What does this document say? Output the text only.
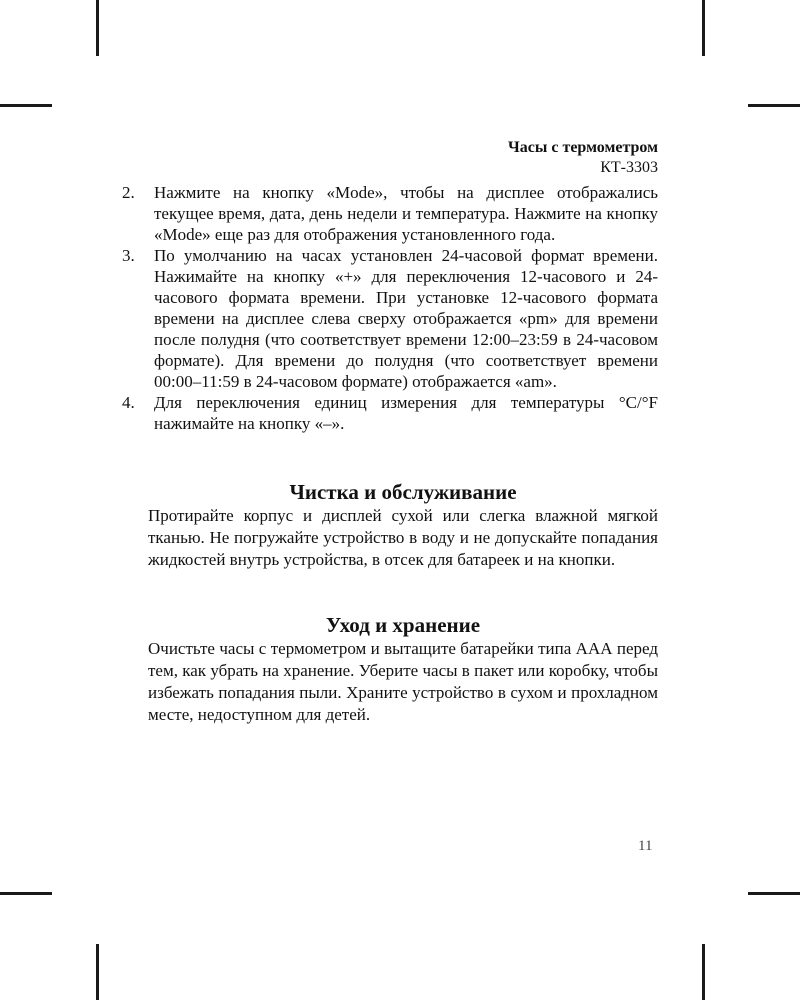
Часы с термометром
КТ-3303
2. Нажмите на кнопку «Mode», чтобы на дисплее отображались текущее время, дата, день недели и температура. Нажмите на кнопку «Mode» еще раз для отображения установленного года.
3. По умолчанию на часах установлен 24-часовой формат времени. Нажимайте на кнопку «+» для переключения 12-часового и 24-часового формата времени. При установке 12-часового формата времени на дисплее слева сверху отображается «pm» для времени после полудня (что соответствует времени 12:00–23:59 в 24-часовом формате). Для времени до полудня (что соответствует времени 00:00–11:59 в 24-часовом формате) отображается «am».
4. Для переключения единиц измерения для температуры °C/°F нажимайте на кнопку «–».
Чистка и обслуживание

Протирайте корпус и дисплей сухой или слегка влажной мягкой тканью. Не погружайте устройство в воду и не допускайте попадания жидкостей внутрь устройства, в отсек для батареек и на кнопки.

Уход и хранение

Очистьте часы с термометром и вытащите батарейки типа ААА перед тем, как убрать на хранение. Уберите часы в пакет или коробку, чтобы избежать попадания пыли. Храните устройство в сухом и прохладном месте, недоступном для детей.

11
